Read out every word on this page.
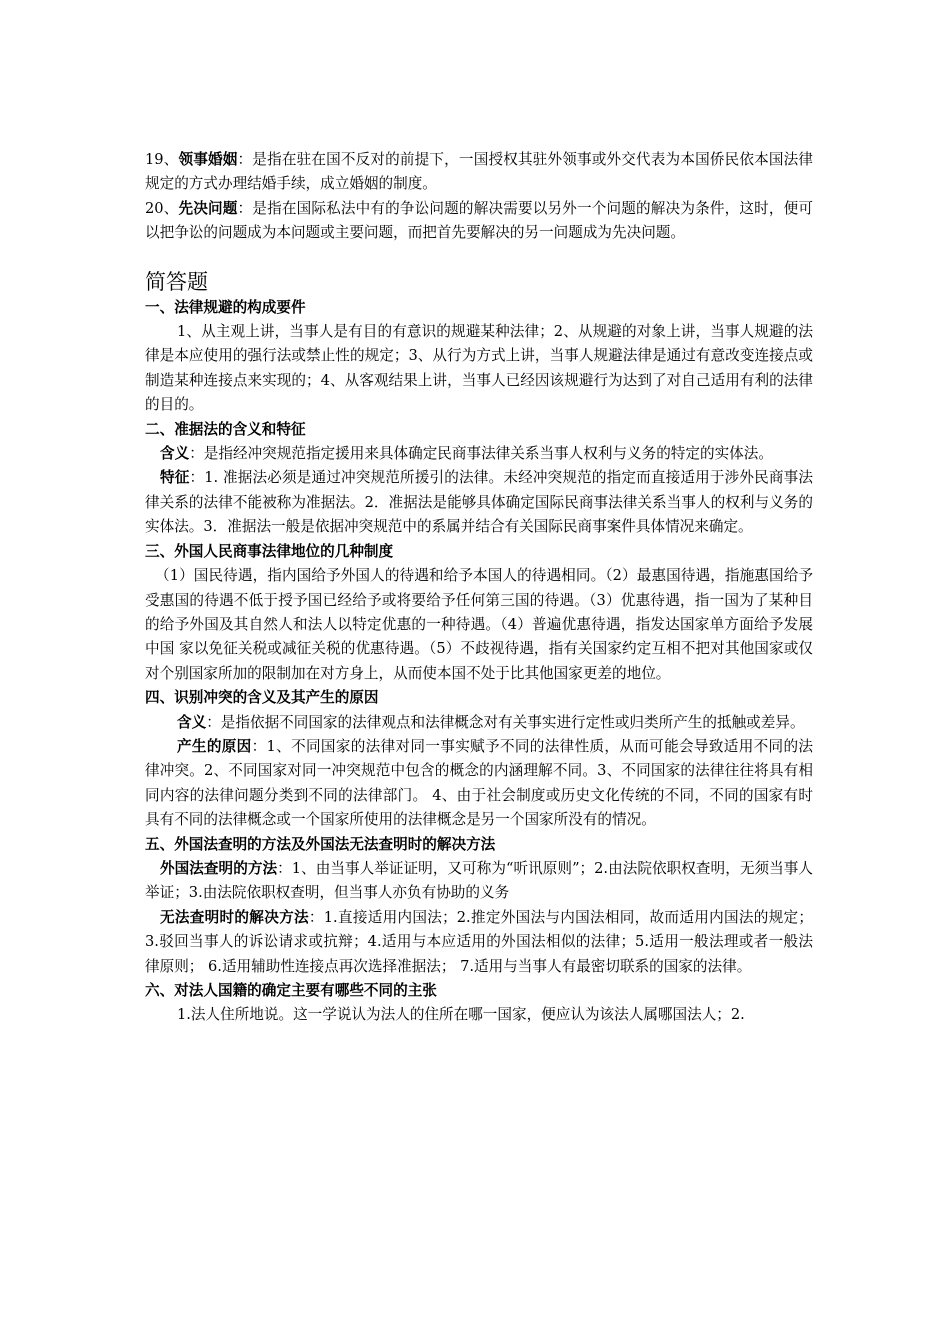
19、领事婚姻：是指在驻在国不反对的前提下，一国授权其驻外领事或外交代表为本国侨民依本国法律规定的方式办理结婚手续，成立婚姻的制度。

20、先决问题：是指在国际私法中有的争讼问题的解决需要以另外一个问题的解决为条件，这时，便可以把争讼的问题成为本问题或主要问题，而把首先要解决的另一问题成为先决问题。

简答题

一、法律规避的构成要件

1、从主观上讲，当事人是有目的有意识的规避某种法律；2、从规避的对象上讲，当事人规避的法律是本应使用的强行法或禁止性的规定；3、从行为方式上讲，当事人规避法律是通过有意改变连接点或制造某种连接点来实现的；4、从客观结果上讲，当事人已经因该规避行为达到了对自己适用有利的法律的目的。

二、准据法的含义和特征

含义：是指经冲突规范指定援用来具体确定民商事法律关系当事人权利与义务的特定的实体法。

特征：1. 准据法必须是通过冲突规范所援引的法律。未经冲突规范的指定而直接适用于涉外民商事法律关系的法律不能被称为准据法。2．准据法是能够具体确定国际民商事法律关系当事人的权利与义务的实体法。3．准据法一般是依据冲突规范中的系属并结合有关国际民商事案件具体情况来确定。

三、外国人民商事法律地位的几种制度

（1）国民待遇，指内国给予外国人的待遇和给予本国人的待遇相同。（2）最惠国待遇，指施惠国给予受惠国的待遇不低于授予国已经给予或将要给予任何第三国的待遇。（3）优惠待遇，指一国为了某种目的给予外国及其自然人和法人以特定优惠的一种待遇。（4）普遍优惠待遇，指发达国家单方面给予发展中国 家以免征关税或减征关税的优惠待遇。（5）不歧视待遇，指有关国家约定互相不把对其他国家或仅对个别国家所加的限制加在对方身上，从而使本国不处于比其他国家更差的地位。

四、识别冲突的含义及其产生的原因

含义：是指依据不同国家的法律观点和法律概念对有关事实进行定性或归类所产生的抵触或差异。

产生的原因：1、不同国家的法律对同一事实赋予不同的法律性质，从而可能会导致适用不同的法律冲突。2、不同国家对同一冲突规范中包含的概念的内涵理解不同。3、不同国家的法律往往将具有相同内容的法律问题分类到不同的法律部门。 4、由于社会制度或历史文化传统的不同，不同的国家有时具有不同的法律概念或一个国家所使用的法律概念是另一个国家所没有的情况。

五、外国法查明的方法及外国法无法查明时的解决方法

外国法查明的方法：1、由当事人举证证明，又可称为“听讯原则”；2.由法院依职权查明，无须当事人举证；3.由法院依职权查明，但当事人亦负有协助的义务

无法查明时的解决方法：1.直接适用内国法；2.推定外国法与内国法相同，故而适用内国法的规定；3.驳回当事人的诉讼请求或抗辩；4.适用与本应适用的外国法相似的法律；5.适用一般法理或者一般法律原则； 6.适用辅助性连接点再次选择准据法； 7.适用与当事人有最密切联系的国家的法律。

六、对法人国籍的确定主要有哪些不同的主张

1.法人住所地说。这一学说认为法人的住所在哪一国家，便应认为该法人属哪国法人；2.
